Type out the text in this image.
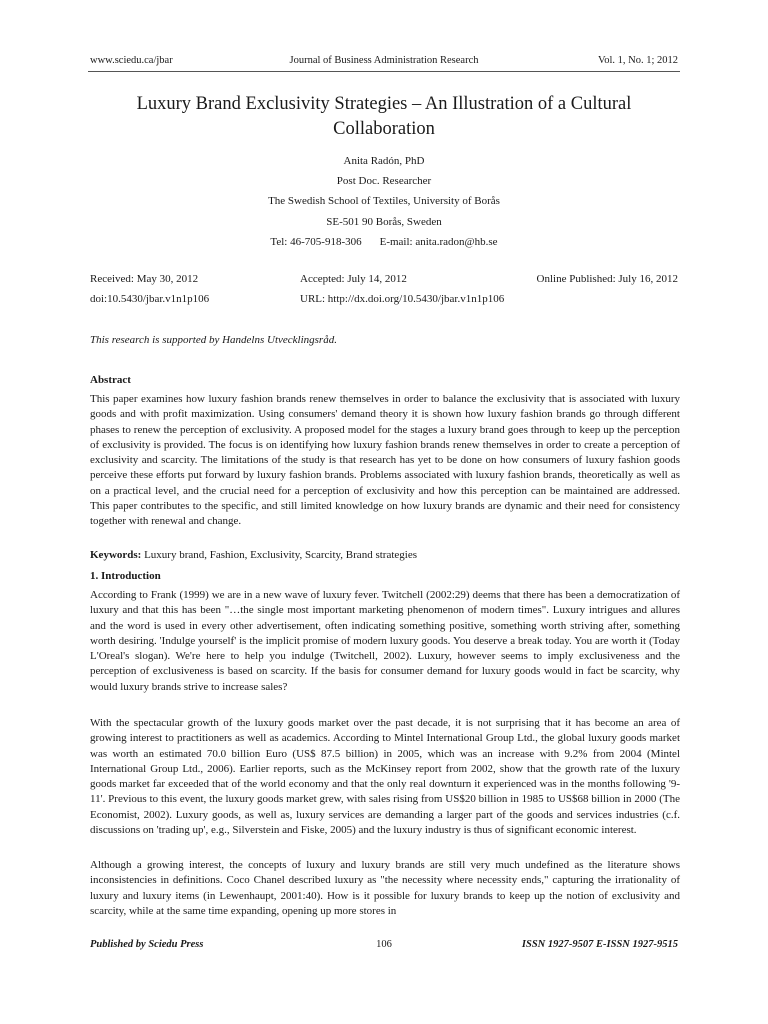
www.sciedu.ca/jbar	Journal of Business Administration Research	Vol. 1, No. 1; 2012
Luxury Brand Exclusivity Strategies – An Illustration of a Cultural
Collaboration
Anita Radón, PhD
Post Doc. Researcher
The Swedish School of Textiles, University of Borås
SE-501 90 Borås, Sweden
Tel: 46-705-918-306 E-mail: anita.radon@hb.se
Received: May 30, 2012	Accepted: July 14, 2012	Online Published: July 16, 2012
doi:10.5430/jbar.v1n1p106	URL: http://dx.doi.org/10.5430/jbar.v1n1p106
This research is supported by Handelns Utvecklingsråd.
Abstract
This paper examines how luxury fashion brands renew themselves in order to balance the exclusivity that is associated with luxury goods and with profit maximization. Using consumers' demand theory it is shown how luxury fashion brands go through different phases to renew the perception of exclusivity. A proposed model for the stages a luxury brand goes through to keep up the perception of exclusivity is provided. The focus is on identifying how luxury fashion brands renew themselves in order to create a perception of exclusivity and scarcity. The limitations of the study is that research has yet to be done on how consumers of luxury fashion goods perceive these efforts put forward by luxury fashion brands. Problems associated with luxury fashion brands, theoretically as well as on a practical level, and the crucial need for a perception of exclusivity and how this perception can be maintained are addressed. This paper contributes to the specific, and still limited knowledge on how luxury brands are dynamic and their need for consistency together with renewal and change.
Keywords: Luxury brand, Fashion, Exclusivity, Scarcity, Brand strategies
1. Introduction
According to Frank (1999) we are in a new wave of luxury fever. Twitchell (2002:29) deems that there has been a democratization of luxury and that this has been "…the single most important marketing phenomenon of modern times". Luxury intrigues and allures and the word is used in every other advertisement, often indicating something positive, something worth striving after, something worth desiring. 'Indulge yourself' is the implicit promise of modern luxury goods. You deserve a break today. You are worth it (Today L'Oreal's slogan). We're here to help you indulge (Twitchell, 2002). Luxury, however seems to imply exclusiveness and the perception of exclusiveness is based on scarcity. If the basis for consumer demand for luxury goods would in fact be scarcity, why would luxury brands strive to increase sales?
With the spectacular growth of the luxury goods market over the past decade, it is not surprising that it has become an area of growing interest to practitioners as well as academics. According to Mintel International Group Ltd., the global luxury goods market was worth an estimated 70.0 billion Euro (US$ 87.5 billion) in 2005, which was an increase with 9.2% from 2004 (Mintel International Group Ltd., 2006). Earlier reports, such as the McKinsey report from 2002, show that the growth rate of the luxury goods market far exceeded that of the world economy and that the only real downturn it experienced was in the months following '9-11'. Previous to this event, the luxury goods market grew, with sales rising from US$20 billion in 1985 to US$68 billion in 2000 (The Economist, 2002). Luxury goods, as well as, luxury services are demanding a larger part of the goods and services industries (c.f. discussions on 'trading up', e.g., Silverstein and Fiske, 2005) and the luxury industry is thus of significant economic interest.
Although a growing interest, the concepts of luxury and luxury brands are still very much undefined as the literature shows inconsistencies in definitions. Coco Chanel described luxury as "the necessity where necessity ends," capturing the irrationality of luxury and luxury items (in Lewenhaupt, 2001:40). How is it possible for luxury brands to keep up the notion of exclusivity and scarcity, while at the same time expanding, opening up more stores in
Published by Sciedu Press	106	ISSN 1927-9507 E-ISSN 1927-9515
